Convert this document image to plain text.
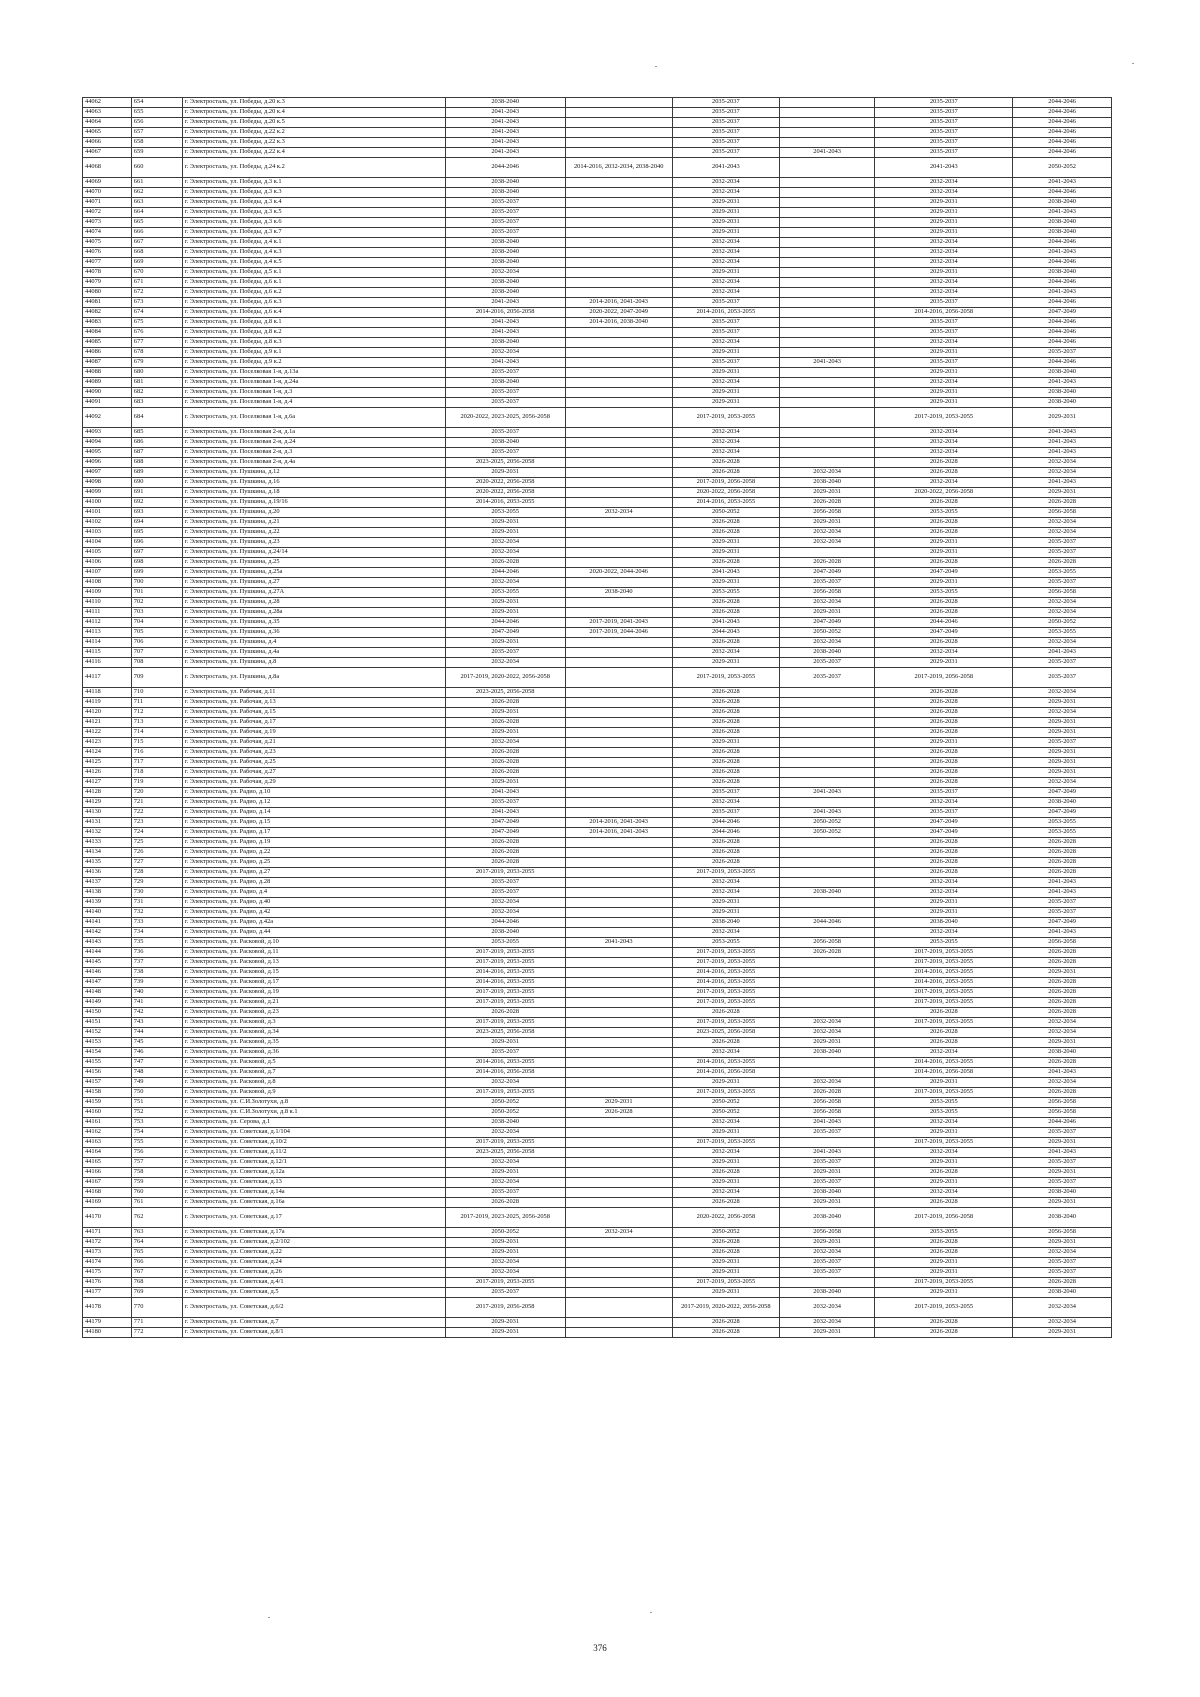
44062	654	г. Электросталь, ул. Победы, д.20 к.3	2038-2040		2035-2037		2035-2037	2044-2046
44063	655	г. Электросталь, ул. Победы, д.20 к.4	2041-2043		2035-2037		2035-2037	2044-2046
44064	656	г. Электросталь, ул. Победы, д.20 к.5	2041-2043		2035-2037		2035-2037	2044-2046
44065	657	г. Электросталь, ул. Победы, д.22 к.2	2041-2043		2035-2037		2035-2037	2044-2046
44066	658	г. Электросталь, ул. Победы, д.22 к.3	2041-2043		2035-2037		2035-2037	2044-2046
44067	659	г. Электросталь, ул. Победы, д.22 к.4	2041-2043		2035-2037	2041-2043	2035-2037	2044-2046
44068	660	г. Электросталь, ул. Победы, д.24 к.2	2044-2046	2014-2016, 2032-2034, 2038-2040	2041-2043		2041-2043	2050-2052
44069	661	г. Электросталь, ул. Победы, д.3 к.1	2038-2040		2032-2034		2032-2034	2041-2043
44070	662	г. Электросталь, ул. Победы, д.3 к.3	2038-2040		2032-2034		2032-2034	2044-2046
44071	663	г. Электросталь, ул. Победы, д.3 к.4	2035-2037		2029-2031		2029-2031	2038-2040
44072	664	г. Электросталь, ул. Победы, д.3 к.5	2035-2037		2029-2031		2029-2031	2041-2043
44073	665	г. Электросталь, ул. Победы, д.3 к.6	2035-2037		2029-2031		2029-2031	2038-2040
44074	666	г. Электросталь, ул. Победы, д.3 к.7	2035-2037		2029-2031		2029-2031	2038-2040
44075	667	г. Электросталь, ул. Победы, д.4 к.1	2038-2040		2032-2034		2032-2034	2044-2046
44076	668	г. Электросталь, ул. Победы, д.4 к.3	2038-2040		2032-2034		2032-2034	2041-2043
44077	669	г. Электросталь, ул. Победы, д.4 к.5	2038-2040		2032-2034		2032-2034	2044-2046
44078	670	г. Электросталь, ул. Победы, д.5 к.1	2032-2034		2029-2031		2029-2031	2038-2040
44079	671	г. Электросталь, ул. Победы, д.6 к.1	2038-2040		2032-2034		2032-2034	2044-2046
44080	672	г. Электросталь, ул. Победы, д.6 к.2	2038-2040		2032-2034		2032-2034	2041-2043
44081	673	г. Электросталь, ул. Победы, д.6 к.3	2041-2043	2014-2016, 2041-2043	2035-2037		2035-2037	2044-2046
44082	674	г. Электросталь, ул. Победы, д.6 к.4	2014-2016, 2056-2058	2020-2022, 2047-2049	2014-2016, 2053-2055		2014-2016, 2056-2058	2047-2049
44083	675	г. Электросталь, ул. Победы, д.8 к.1	2041-2043	2014-2016, 2038-2040	2035-2037		2035-2037	2044-2046
44084	676	г. Электросталь, ул. Победы, д.8 к.2	2041-2043		2035-2037		2035-2037	2044-2046
44085	677	г. Электросталь, ул. Победы, д.8 к.3	2038-2040		2032-2034		2032-2034	2044-2046
44086	678	г. Электросталь, ул. Победы, д.9 к.1	2032-2034		2029-2031		2029-2031	2035-2037
44087	679	г. Электросталь, ул. Победы, д.9 к.2	2041-2043		2035-2037	2041-2043	2035-2037	2044-2046
44088	680	г. Электросталь, ул. Поселковая 1-я, д.13а	2035-2037		2029-2031		2029-2031	2038-2040
44089	681	г. Электросталь, ул. Поселковая 1-я, д.24а	2038-2040		2032-2034		2032-2034	2041-2043
44090	682	г. Электросталь, ул. Поселковая 1-я, д.3	2035-2037		2029-2031		2029-2031	2038-2040
44091	683	г. Электросталь, ул. Поселковая 1-я, д.4	2035-2037		2029-2031		2029-2031	2038-2040
44092	684	г. Электросталь, ул. Поселковая 1-я, д.6а	2020-2022, 2023-2025, 2056-2058		2017-2019, 2053-2055		2017-2019, 2053-2055	2029-2031
44093	685	г. Электросталь, ул. Поселковая 2-я, д.1а	2035-2037		2032-2034		2032-2034	2041-2043
44094	686	г. Электросталь, ул. Поселковая 2-я, д.24	2038-2040		2032-2034		2032-2034	2041-2043
44095	687	г. Электросталь, ул. Поселковая 2-я, д.3	2035-2037		2032-2034		2032-2034	2041-2043
44096	688	г. Электросталь, ул. Поселковая 2-я, д.4а	2023-2025, 2056-2058		2026-2028		2026-2028	2032-2034
44097	689	г. Электросталь, ул. Пушкина, д.12	2029-2031		2026-2028	2032-2034	2026-2028	2032-2034
44098	690	г. Электросталь, ул. Пушкина, д.16	2020-2022, 2056-2058		2017-2019, 2056-2058	2038-2040	2032-2034	2041-2043
44099	691	г. Электросталь, ул. Пушкина, д.18	2020-2022, 2056-2058		2020-2022, 2056-2058	2029-2031	2020-2022, 2056-2058	2029-2031
44100	692	г. Электросталь, ул. Пушкина, д.19/16	2014-2016, 2053-2055		2014-2016, 2053-2055	2026-2028	2026-2028	2026-2028
44101	693	г. Электросталь, ул. Пушкина, д.20	2053-2055	2032-2034	2050-2052	2056-2058	2053-2055	2056-2058
44102	694	г. Электросталь, ул. Пушкина, д.21	2029-2031		2026-2028	2029-2031	2026-2028	2032-2034
44103	695	г. Электросталь, ул. Пушкина, д.22	2029-2031		2026-2028	2032-2034	2026-2028	2032-2034
44104	696	г. Электросталь, ул. Пушкина, д.23	2032-2034		2029-2031	2032-2034	2029-2031	2035-2037
44105	697	г. Электросталь, ул. Пушкина, д.24/14	2032-2034		2029-2031		2029-2031	2035-2037
44106	698	г. Электросталь, ул. Пушкина, д.25	2026-2028		2026-2028	2026-2028	2026-2028	2026-2028
44107	699	г. Электросталь, ул. Пушкина, д.25а	2044-2046	2020-2022, 2044-2046	2041-2043	2047-2049	2047-2049	2053-2055
44108	700	г. Электросталь, ул. Пушкина, д.27	2032-2034		2029-2031	2035-2037	2029-2031	2035-2037
44109	701	г. Электросталь, ул. Пушкина, д.27А	2053-2055	2038-2040	2053-2055	2056-2058	2053-2055	2056-2058
44110	702	г. Электросталь, ул. Пушкина, д.28	2029-2031		2026-2028	2032-2034	2026-2028	2032-2034
44111	703	г. Электросталь, ул. Пушкина, д.28а	2029-2031		2026-2028	2029-2031	2026-2028	2032-2034
44112	704	г. Электросталь, ул. Пушкина, д.35	2044-2046	2017-2019, 2041-2043	2041-2043	2047-2049	2044-2046	2050-2052
44113	705	г. Электросталь, ул. Пушкина, д.36	2047-2049	2017-2019, 2044-2046	2044-2043	2050-2052	2047-2049	2053-2055
44114	706	г. Электросталь, ул. Пушкина, д.4	2029-2031		2026-2028	2032-2034	2026-2028	2032-2034
44115	707	г. Электросталь, ул. Пушкина, д.4а	2035-2037		2032-2034	2038-2040	2032-2034	2041-2043
44116	708	г. Электросталь, ул. Пушкина, д.8	2032-2034		2029-2031	2035-2037	2029-2031	2035-2037
44117	709	г. Электросталь, ул. Пушкина, д.8а	2017-2019, 2020-2022, 2056-2058		2017-2019, 2053-2055	2035-2037	2017-2019, 2056-2058	2035-2037
44118	710	г. Электросталь, ул. Рабочая, д.11	2023-2025, 2056-2058		2026-2028		2026-2028	2032-2034
44119	711	г. Электросталь, ул. Рабочая, д.13	2026-2028		2026-2028		2026-2028	2029-2031
44120	712	г. Электросталь, ул. Рабочая, д.15	2029-2031		2026-2028		2026-2028	2032-2034
44121	713	г. Электросталь, ул. Рабочая, д.17	2026-2028		2026-2028		2026-2028	2029-2031
44122	714	г. Электросталь, ул. Рабочая, д.19	2029-2031		2026-2028		2026-2028	2029-2031
44123	715	г. Электросталь, ул. Рабочая, д.21	2032-2034		2029-2031		2029-2031	2035-2037
44124	716	г. Электросталь, ул. Рабочая, д.23	2026-2028		2026-2028		2026-2028	2029-2031
44125	717	г. Электросталь, ул. Рабочая, д.25	2026-2028		2026-2028		2026-2028	2029-2031
44126	718	г. Электросталь, ул. Рабочая, д.27	2026-2028		2026-2028		2026-2028	2029-2031
44127	719	г. Электросталь, ул. Рабочая, д.29	2029-2031		2026-2028		2026-2028	2032-2034
44128	720	г. Электросталь, ул. Радио, д.10	2041-2043		2035-2037	2041-2043	2035-2037	2047-2049
44129	721	г. Электросталь, ул. Радио, д.12	2035-2037		2032-2034		2032-2034	2038-2040
44130	722	г. Электросталь, ул. Радио, д.14	2041-2043		2035-2037	2041-2043	2035-2037	2047-2049
44131	723	г. Электросталь, ул. Радио, д.15	2047-2049	2014-2016, 2041-2043	2044-2046	2050-2052	2047-2049	2053-2055
44132	724	г. Электросталь, ул. Радио, д.17	2047-2049	2014-2016, 2041-2043	2044-2046	2050-2052	2047-2049	2053-2055
44133	725	г. Электросталь, ул. Радио, д.19	2026-2028		2026-2028		2026-2028	2026-2028
44134	726	г. Электросталь, ул. Радио, д.22	2026-2028		2026-2028		2026-2028	2026-2028
44135	727	г. Электросталь, ул. Радио, д.25	2026-2028		2026-2028		2026-2028	2026-2028
44136	728	г. Электросталь, ул. Радио, д.27	2017-2019, 2053-2055		2017-2019, 2053-2055		2026-2028	2026-2028
44137	729	г. Электросталь, ул. Радио, д.28	2035-2037		2032-2034		2032-2034	2041-2043
44138	730	г. Электросталь, ул. Радио, д.4	2035-2037		2032-2034	2038-2040	2032-2034	2041-2043
44139	731	г. Электросталь, ул. Радио, д.40	2032-2034		2029-2031		2029-2031	2035-2037
44140	732	г. Электросталь, ул. Радио, д.42	2032-2034		2029-2031		2029-2031	2035-2037
44141	733	г. Электросталь, ул. Радио, д.42а	2044-2046		2038-2040	2044-2046	2038-2040	2047-2049
44142	734	г. Электросталь, ул. Радио, д.44	2038-2040		2032-2034		2032-2034	2041-2043
44143	735	г. Электросталь, ул. Расковой, д.10	2053-2055	2041-2043	2053-2055	2056-2058	2053-2055	2056-2058
44144	736	г. Электросталь, ул. Расковой, д.11	2017-2019, 2053-2055		2017-2019, 2053-2055	2026-2028	2017-2019, 2053-2055	2026-2028
44145	737	г. Электросталь, ул. Расковой, д.13	2017-2019, 2053-2055		2017-2019, 2053-2055		2017-2019, 2053-2055	2026-2028
44146	738	г. Электросталь, ул. Расковой, д.15	2014-2016, 2053-2055		2014-2016, 2053-2055		2014-2016, 2053-2055	2029-2031
44147	739	г. Электросталь, ул. Расковой, д.17	2014-2016, 2053-2055		2014-2016, 2053-2055		2014-2016, 2053-2055	2026-2028
44148	740	г. Электросталь, ул. Расковой, д.19	2017-2019, 2053-2055		2017-2019, 2053-2055		2017-2019, 2053-2055	2026-2028
44149	741	г. Электросталь, ул. Расковой, д.21	2017-2019, 2053-2055		2017-2019, 2053-2055		2017-2019, 2053-2055	2026-2028
44150	742	г. Электросталь, ул. Расковой, д.23	2026-2028		2026-2028		2026-2028	2026-2028
44151	743	г. Электросталь, ул. Расковой, д.3	2017-2019, 2053-2055		2017-2019, 2053-2055	2032-2034	2017-2019, 2053-2055	2032-2034
44152	744	г. Электросталь, ул. Расковой, д.34	2023-2025, 2056-2058		2023-2025, 2056-2058	2032-2034	2026-2028	2032-2034
44153	745	г. Электросталь, ул. Расковой, д.35	2029-2031		2026-2028	2029-2031	2026-2028	2029-2031
44154	746	г. Электросталь, ул. Расковой, д.36	2035-2037		2032-2034	2038-2040	2032-2034	2038-2040
44155	747	г. Электросталь, ул. Расковой, д.5	2014-2016, 2053-2055		2014-2016, 2053-2055		2014-2016, 2053-2055	2026-2028
44156	748	г. Электросталь, ул. Расковой, д.7	2014-2016, 2056-2058		2014-2016, 2056-2058		2014-2016, 2056-2058	2041-2043
44157	749	г. Электросталь, ул. Расковой, д.8	2032-2034		2029-2031	2032-2034	2029-2031	2032-2034
44158	750	г. Электросталь, ул. Расковой, д.9	2017-2019, 2053-2055		2017-2019, 2053-2055	2026-2028	2017-2019, 2053-2055	2026-2028
44159	751	г. Электросталь, ул. С.И.Золотухи, д.8	2050-2052	2029-2031	2050-2052	2056-2058	2053-2055	2056-2058
44160	752	г. Электросталь, ул. С.И.Золотухи, д.8 к.1	2050-2052	2026-2028	2050-2052	2056-2058	2053-2055	2056-2058
44161	753	г. Электросталь, ул. Серова, д.1	2038-2040		2032-2034	2041-2043	2032-2034	2044-2046
44162	754	г. Электросталь, ул. Советская, д.1/104	2032-2034		2029-2031	2035-2037	2029-2031	2035-2037
44163	755	г. Электросталь, ул. Советская, д.10/2	2017-2019, 2053-2055		2017-2019, 2053-2055		2017-2019, 2053-2055	2029-2031
44164	756	г. Электросталь, ул. Советская, д.11/2	2023-2025, 2056-2058		2032-2034	2041-2043	2032-2034	2041-2043
44165	757	г. Электросталь, ул. Советская, д.12/1	2032-2034		2029-2031	2035-2037	2029-2031	2035-2037
44166	758	г. Электросталь, ул. Советская, д.12а	2029-2031		2026-2028	2029-2031	2026-2028	2029-2031
44167	759	г. Электросталь, ул. Советская, д.13	2032-2034		2029-2031	2035-2037	2029-2031	2035-2037
44168	760	г. Электросталь, ул. Советская, д.14а	2035-2037		2032-2034	2038-2040	2032-2034	2038-2040
44169	761	г. Электросталь, ул. Советская, д.16а	2026-2028		2026-2028	2029-2031	2026-2028	2029-2031
44170	762	г. Электросталь, ул. Советская, д.17	2017-2019, 2023-2025, 2056-2058		2020-2022, 2056-2058	2038-2040	2017-2019, 2056-2058	2038-2040
44171	763	г. Электросталь, ул. Советская, д.17а	2050-2052	2032-2034	2050-2052	2056-2058	2053-2055	2056-2058
44172	764	г. Электросталь, ул. Советская, д.2/102	2029-2031		2026-2028	2029-2031	2026-2028	2029-2031
44173	765	г. Электросталь, ул. Советская, д.22	2029-2031		2026-2028	2032-2034	2026-2028	2032-2034
44174	766	г. Электросталь, ул. Советская, д.24	2032-2034		2029-2031	2035-2037	2029-2031	2035-2037
44175	767	г. Электросталь, ул. Советская, д.26	2032-2034		2029-2031	2035-2037	2029-2031	2035-2037
44176	768	г. Электросталь, ул. Советская, д.4/1	2017-2019, 2053-2055		2017-2019, 2053-2055		2017-2019, 2053-2055	2026-2028
44177	769	г. Электросталь, ул. Советская, д.5	2035-2037		2029-2031	2038-2040	2029-2031	2038-2040
44178	770	г. Электросталь, ул. Советская, д.6/2	2017-2019, 2056-2058		2017-2019, 2020-2022, 2056-2058	2032-2034	2017-2019, 2053-2055	2032-2034
44179	771	г. Электросталь, ул. Советская, д.7	2029-2031		2026-2028	2032-2034	2026-2028	2032-2034
44180	772	г. Электросталь, ул. Советская, д.8/1	2029-2031		2026-2028	2029-2031	2026-2028	2029-2031
376
